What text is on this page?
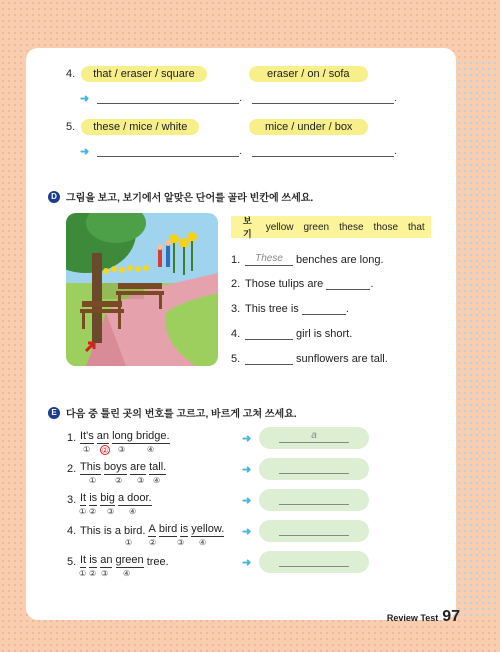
4.	that / eraser / square	eraser / on / sofa
➜	.	.
5.	these / mice / white	mice / under / box
➜	.	.
D 그림을 보고, 보기에서 알맞은 단어를 골라 빈칸에 쓰세요.
보기
yellow green these those that
1.	These benches are long.
2. Those tulips are	.
3. This tree is	.
4.	girl is short.
5.	sunflowers are tall.
E 다음 중 틀린 곳의 번호를 고르고, 바르게 고쳐 쓰세요.
1. It's
an
long bridge.
① ② ③	④
➜	a
2. This
boys
are
tall.
① ② ③ ④
➜
3. It
is
big
a door.
① ② ③ ④
➜
4. This is a bird. A
bird
is
yellow.
① ②	③ ④
➜
5. It
is
an
green tree.
① ② ③ ④
➜
Review Test 97
